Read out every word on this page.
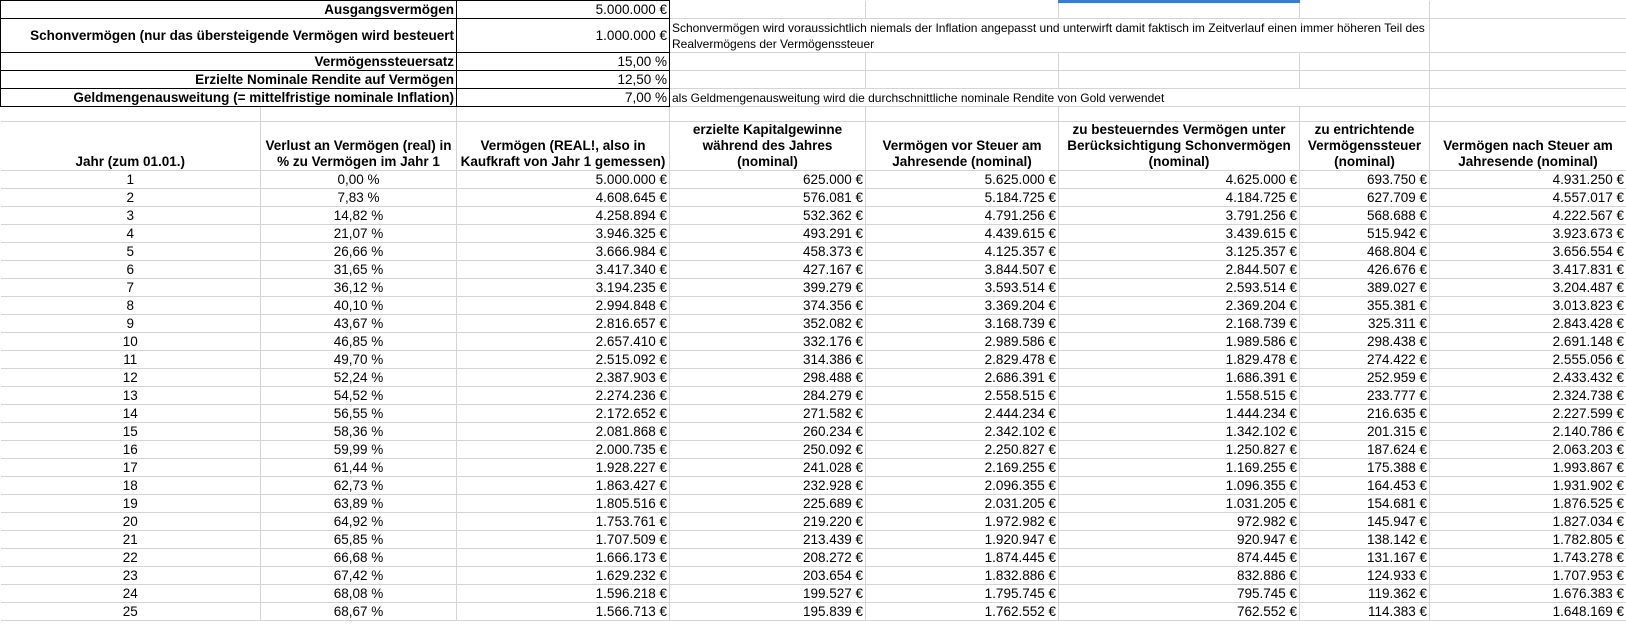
Ausgangsvermögen		5.000.000 €					
Schonvermögen (nur das übersteigende Vermögen wird besteuert		1.000.000 €	Schonvermögen wird voraussichtlich niemals der Inflation angepasst und unterwirft damit faktisch im Zeitverlauf einen immer höheren Teil des Realvermögens der Vermögenssteuer				
Vermögenssteuersatz		15,00 %					
Erzielte Nominale Rendite auf Vermögen		12,50 %					
Geldmengenausweitung (= mittelfristige nominale Inflation)		7,00 %	als Geldmengenausweitung wird die durchschnittliche nominale Rendite von Gold verwendet				

Jahr (zum 01.01.)	Verlust an Vermögen (real) in % zu Vermögen im Jahr 1	Vermögen (REAL!, also in Kaufkraft von Jahr 1 gemessen)	erzielte Kapitalgewinne während des Jahres (nominal)	Vermögen vor Steuer am Jahresende (nominal)	zu besteuerndes Vermögen unter Berücksichtigung Schonvermögen (nominal)	zu entrichtende Vermögenssteuer (nominal)	Vermögen nach Steuer am Jahresende (nominal)
1	0,00 %	5.000.000 €	625.000 €	5.625.000 €	4.625.000 €	693.750 €	4.931.250 €
2	7,83 %	4.608.645 €	576.081 €	5.184.725 €	4.184.725 €	627.709 €	4.557.017 €
3	14,82 %	4.258.894 €	532.362 €	4.791.256 €	3.791.256 €	568.688 €	4.222.567 €
4	21,07 %	3.946.325 €	493.291 €	4.439.615 €	3.439.615 €	515.942 €	3.923.673 €
5	26,66 %	3.666.984 €	458.373 €	4.125.357 €	3.125.357 €	468.804 €	3.656.554 €
6	31,65 %	3.417.340 €	427.167 €	3.844.507 €	2.844.507 €	426.676 €	3.417.831 €
7	36,12 %	3.194.235 €	399.279 €	3.593.514 €	2.593.514 €	389.027 €	3.204.487 €
8	40,10 %	2.994.848 €	374.356 €	3.369.204 €	2.369.204 €	355.381 €	3.013.823 €
9	43,67 %	2.816.657 €	352.082 €	3.168.739 €	2.168.739 €	325.311 €	2.843.428 €
10	46,85 %	2.657.410 €	332.176 €	2.989.586 €	1.989.586 €	298.438 €	2.691.148 €
11	49,70 %	2.515.092 €	314.386 €	2.829.478 €	1.829.478 €	274.422 €	2.555.056 €
12	52,24 %	2.387.903 €	298.488 €	2.686.391 €	1.686.391 €	252.959 €	2.433.432 €
13	54,52 %	2.274.236 €	284.279 €	2.558.515 €	1.558.515 €	233.777 €	2.324.738 €
14	56,55 %	2.172.652 €	271.582 €	2.444.234 €	1.444.234 €	216.635 €	2.227.599 €
15	58,36 %	2.081.868 €	260.234 €	2.342.102 €	1.342.102 €	201.315 €	2.140.786 €
16	59,99 %	2.000.735 €	250.092 €	2.250.827 €	1.250.827 €	187.624 €	2.063.203 €
17	61,44 %	1.928.227 €	241.028 €	2.169.255 €	1.169.255 €	175.388 €	1.993.867 €
18	62,73 %	1.863.427 €	232.928 €	2.096.355 €	1.096.355 €	164.453 €	1.931.902 €
19	63,89 %	1.805.516 €	225.689 €	2.031.205 €	1.031.205 €	154.681 €	1.876.525 €
20	64,92 %	1.753.761 €	219.220 €	1.972.982 €	972.982 €	145.947 €	1.827.034 €
21	65,85 %	1.707.509 €	213.439 €	1.920.947 €	920.947 €	138.142 €	1.782.805 €
22	66,68 %	1.666.173 €	208.272 €	1.874.445 €	874.445 €	131.167 €	1.743.278 €
23	67,42 %	1.629.232 €	203.654 €	1.832.886 €	832.886 €	124.933 €	1.707.953 €
24	68,08 %	1.596.218 €	199.527 €	1.795.745 €	795.745 €	119.362 €	1.676.383 €
25	68,67 %	1.566.713 €	195.839 €	1.762.552 €	762.552 €	114.383 €	1.648.169 €
